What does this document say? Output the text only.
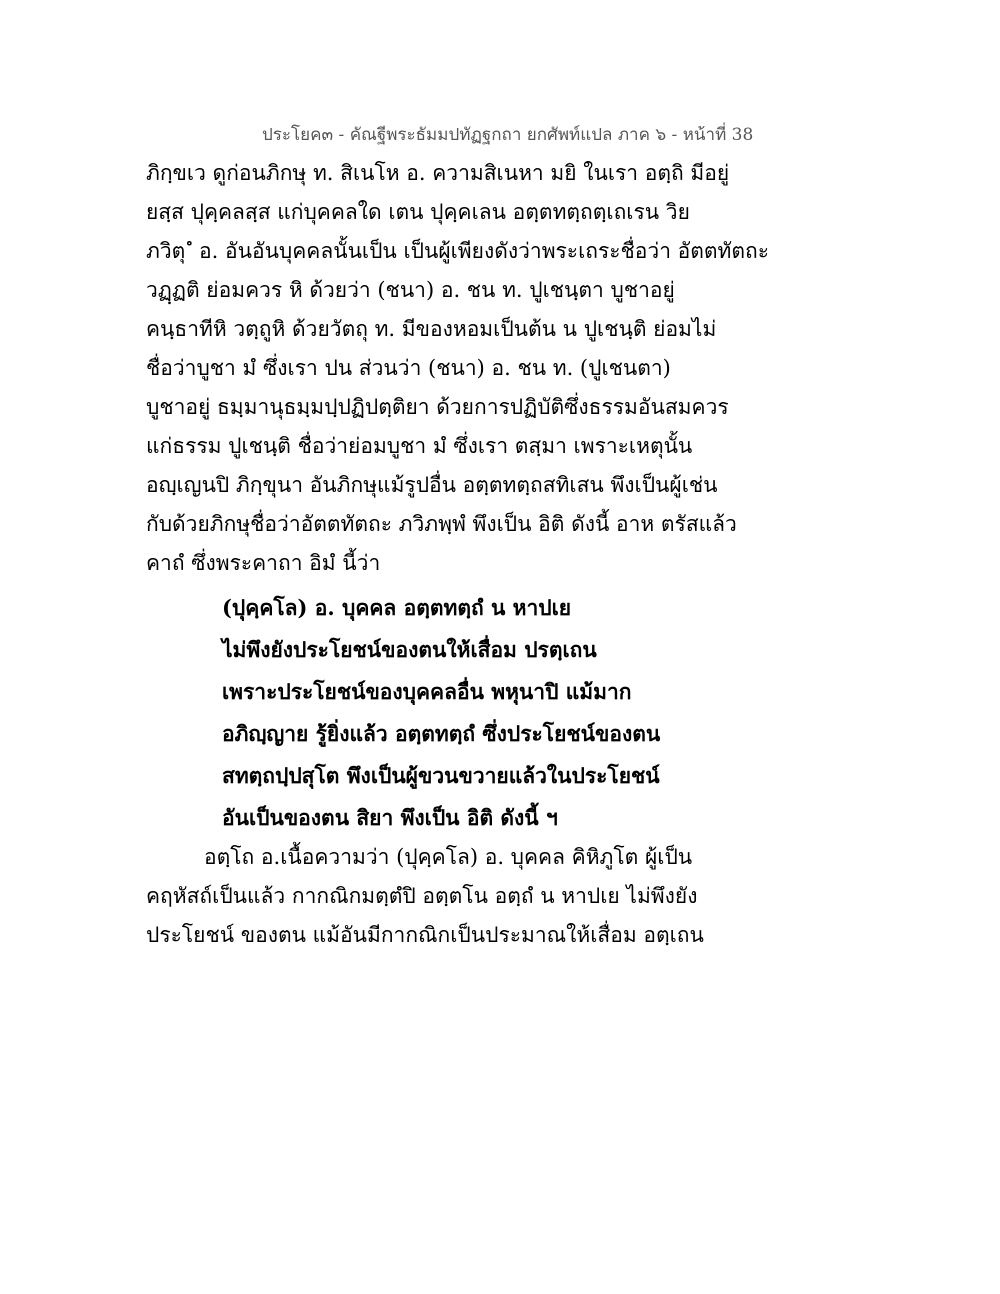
ประโยค๓ - คัณฐีพระธัมมปทัฏฐกถา ยกศัพท์แปล ภาค ๖ - หน้าที่ 38
ภิกฺขเว ดูก่อนภิกษุ ท. สิเนโห อ. ความสิเนหา มยิ ในเรา อตฺถิ มีอยู่
ยสฺส ปุคฺคลสฺส แก่บุคคลใด เตน ปุคฺคเลน อตฺตทตฺถตฺเถเรน วิย
ภวิตุ ํ อ. อันอันบุคคลนั้นเป็น เป็นผู้เพียงดังว่าพระเถระชื่อว่า อัตตทัตถะ
วฏฺฏติ ย่อมควร หิ ด้วยว่า (ชนา) อ. ชน ท. ปูเชนฺตา บูชาอยู่
คนฺธาทีหิ วตฺถูหิ ด้วยวัตถุ ท. มีของหอมเป็นต้น น ปูเชนฺติ ย่อมไม่
ชื่อว่าบูชา มํ ซึ่งเรา ปน ส่วนว่า (ชนา) อ. ชน ท. (ปูเชนตา)
บูชาอยู่ ธมฺมานุธมฺมปฺปฏิปตฺติยา ด้วยการปฏิบัติซึ่งธรรมอันสมควร
แก่ธรรม ปูเชนฺติ ชื่อว่าย่อมบูชา มํ ซึ่งเรา ตสฺมา เพราะเหตุนั้น
อญฺเญนปิ ภิกฺขุนา อันภิกษุแม้รูปอื่น อตฺตทตฺถสทิเสน พึงเป็นผู้เช่น
กับด้วยภิกษุชื่อว่าอัตตทัตถะ ภวิภพฺพํ พึงเป็น อิติ ดังนี้ อาห ตรัสแล้ว
คาถํ ซึ่งพระคาถา อิมํ นี้ว่า
(ปุคฺคโล) อ. บุคคล อตฺตทตฺถํ น หาปเย
ไม่พึงยังประโยชน์ของตนให้เสื่อม ปรตฺเถน
เพราะประโยชน์ของบุคคลอื่น พหุนาปิ แม้มาก
อภิญฺญาย รู้ยิ่งแล้ว อตฺตทตฺถํ ซึ่งประโยชน์ของตน
สทตฺถปฺปสุโต พึงเป็นผู้ขวนขวายแล้วในประโยชน์
อันเป็นของตน สิยา พึงเป็น อิติ ดังนี้ ฯ
อตฺโถ อ.เนื้อความว่า (ปุคฺคโล) อ. บุคคล คิหิภูโต ผู้เป็น
คฤหัสถ์เป็นแล้ว กากณิกมตฺตํปิ อตฺตโน อตฺถํ น หาปเย ไม่พึงยัง
ประโยชน์ ของตน แม้อันมีกากณิกเป็นประมาณให้เสื่อม อตฺเถน
